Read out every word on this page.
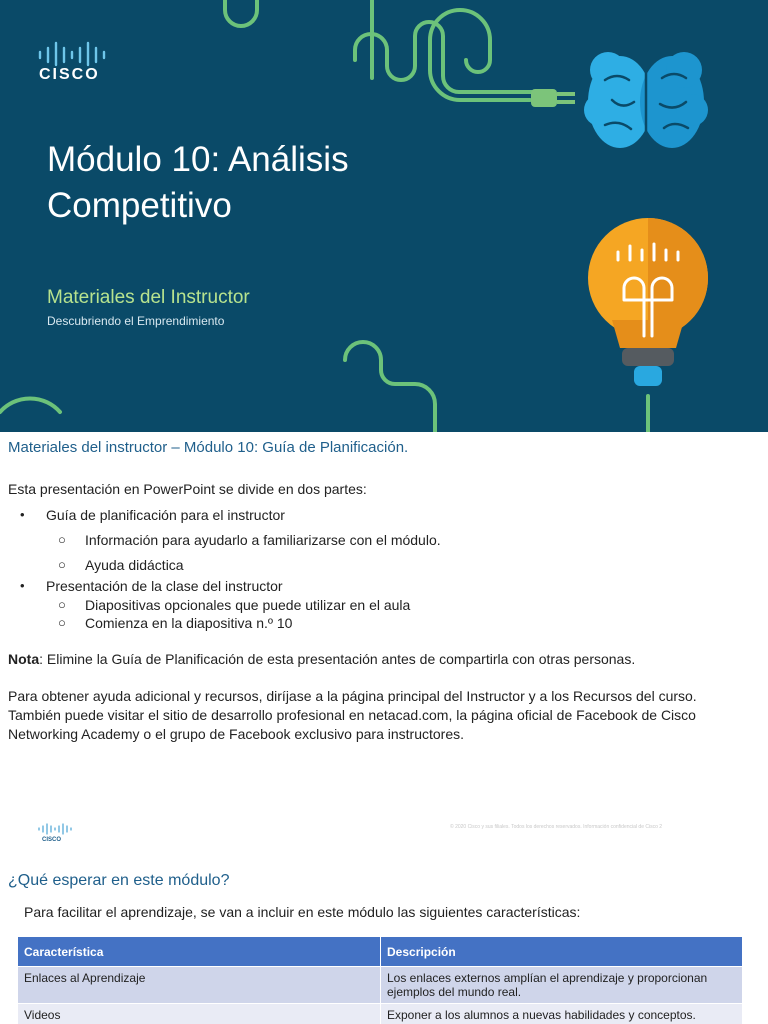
CISCO
Módulo 10: Análisis Competitivo
Materiales del Instructor
Descubriendo el Emprendimiento
Materiales del instructor – Módulo 10: Guía de Planificación.
Esta presentación en PowerPoint se divide en dos partes:
• Guía de planificación para el instructor
○ Información para ayudarlo a familiarizarse con el módulo.
○ Ayuda didáctica
• Presentación de la clase del instructor
○ Diapositivas opcionales que puede utilizar en el aula
○ Comienza en la diapositiva n.º 10
Nota: Elimine la Guía de Planificación de esta presentación antes de compartirla con otras personas.
Para obtener ayuda adicional y recursos, diríjase a la página principal del Instructor y a los Recursos del curso. También puede visitar el sitio de desarrollo profesional en netacad.com, la página oficial de Facebook de Cisco Networking Academy o el grupo de Facebook exclusivo para instructores.
CISCO
© 2020 Cisco y sus filiales. Todos los derechos reservados. Información confidencial de Cisco 2
¿Qué esperar en este módulo?
Para facilitar el aprendizaje, se van a incluir en este módulo las siguientes características:
Característica	Descripción
Enlaces al Aprendizaje	Los enlaces externos amplían el aprendizaje y proporcionan ejemplos del mundo real.
Videos	Exponer a los alumnos a nuevas habilidades y conceptos.
